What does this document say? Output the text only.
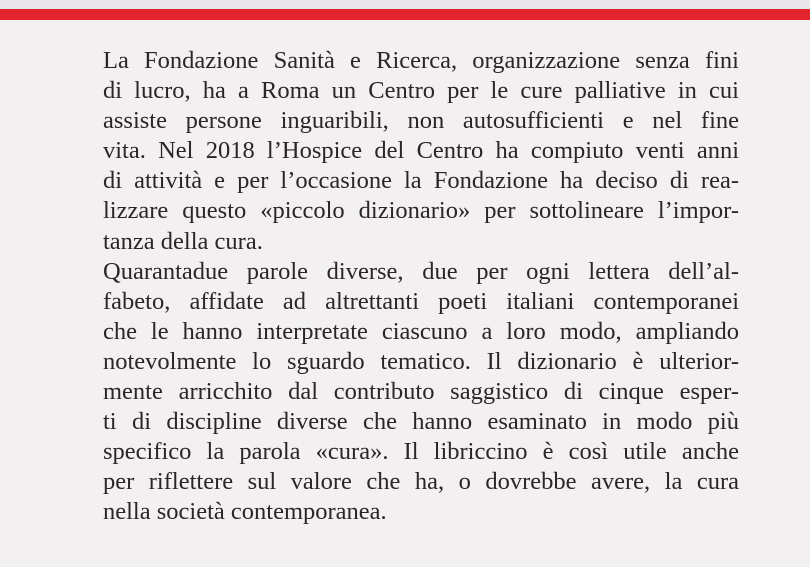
La Fondazione Sanità e Ricerca, organizzazione senza fini
di lucro, ha a Roma un Centro per le cure palliative in cui
assiste persone inguaribili, non autosufficienti e nel fine
vita. Nel 2018 l’Hospice del Centro ha compiuto venti anni
di attività e per l’occasione la Fondazione ha deciso di rea-
lizzare questo «piccolo dizionario» per sottolineare l’impor-
tanza della cura.

Quarantadue parole diverse, due per ogni lettera dell’al-
fabeto, affidate ad altrettanti poeti italiani contemporanei
che le hanno interpretate ciascuno a loro modo, ampliando
notevolmente lo sguardo tematico. Il dizionario è ulterior-
mente arricchito dal contributo saggistico di cinque esper-
ti di discipline diverse che hanno esaminato in modo più
specifico la parola «cura». Il libriccino è così utile anche
per riflettere sul valore che ha, o dovrebbe avere, la cura
nella società contemporanea.
